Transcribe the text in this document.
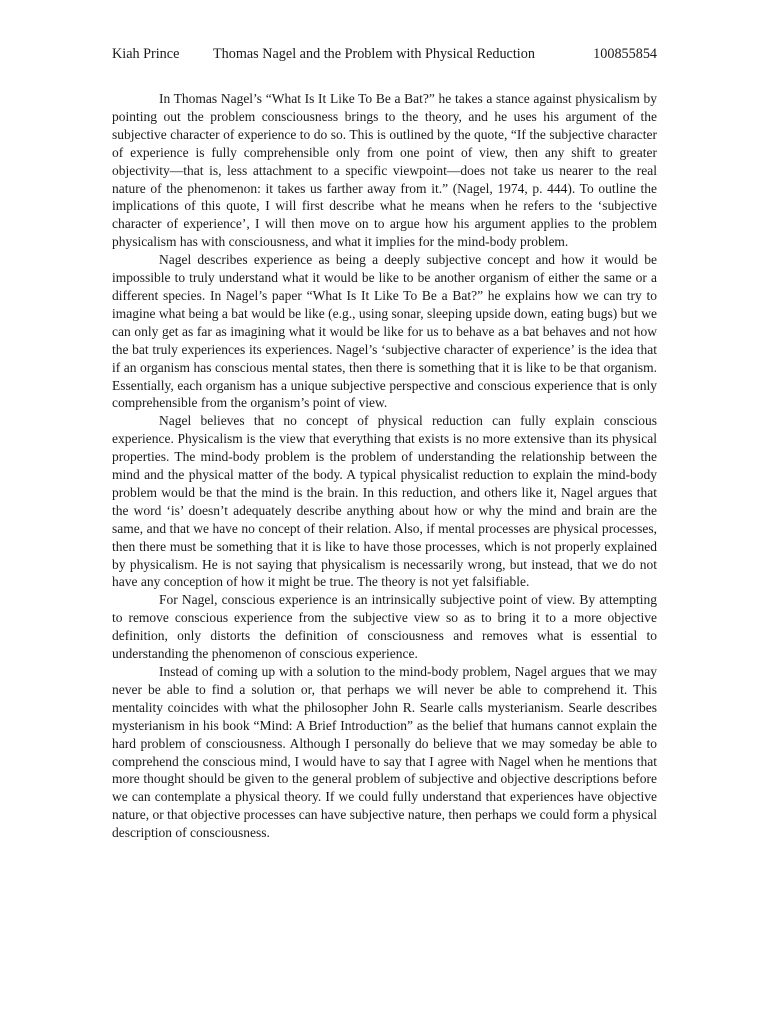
Kiah Prince Thomas Nagel and the Problem with Physical Reduction	100855854

In Thomas Nagel’s “What Is It Like To Be a Bat?” he takes a stance against physicalism by pointing out the problem consciousness brings to the theory, and he uses his argument of the subjective character of experience to do so. This is outlined by the quote, “If the subjective character of experience is fully comprehensible only from one point of view, then any shift to greater objectivity—that is, less attachment to a specific viewpoint—does not take us nearer to the real nature of the phenomenon: it takes us farther away from it.” (Nagel, 1974, p. 444). To outline the implications of this quote, I will first describe what he means when he refers to the ‘subjective character of experience’, I will then move on to argue how his argument applies to the problem physicalism has with consciousness, and what it implies for the mind-body problem.

Nagel describes experience as being a deeply subjective concept and how it would be impossible to truly understand what it would be like to be another organism of either the same or a different species. In Nagel’s paper “What Is It Like To Be a Bat?” he explains how we can try to imagine what being a bat would be like (e.g., using sonar, sleeping upside down, eating bugs) but we can only get as far as imagining what it would be like for us to behave as a bat behaves and not how the bat truly experiences its experiences. Nagel’s ‘subjective character of experience’ is the idea that if an organism has conscious mental states, then there is something that it is like to be that organism. Essentially, each organism has a unique subjective perspective and conscious experience that is only comprehensible from the organism’s point of view.

Nagel believes that no concept of physical reduction can fully explain conscious experience. Physicalism is the view that everything that exists is no more extensive than its physical properties. The mind-body problem is the problem of understanding the relationship between the mind and the physical matter of the body. A typical physicalist reduction to explain the mind-body problem would be that the mind is the brain. In this reduction, and others like it, Nagel argues that the word ‘is’ doesn’t adequately describe anything about how or why the mind and brain are the same, and that we have no concept of their relation. Also, if mental processes are physical processes, then there must be something that it is like to have those processes, which is not properly explained by physicalism. He is not saying that physicalism is necessarily wrong, but instead, that we do not have any conception of how it might be true. The theory is not yet falsifiable.

For Nagel, conscious experience is an intrinsically subjective point of view. By attempting to remove conscious experience from the subjective view so as to bring it to a more objective definition, only distorts the definition of consciousness and removes what is essential to understanding the phenomenon of conscious experience.

Instead of coming up with a solution to the mind-body problem, Nagel argues that we may never be able to find a solution or, that perhaps we will never be able to comprehend it. This mentality coincides with what the philosopher John R. Searle calls mysterianism. Searle describes mysterianism in his book “Mind: A Brief Introduction” as the belief that humans cannot explain the hard problem of consciousness. Although I personally do believe that we may someday be able to comprehend the conscious mind, I would have to say that I agree with Nagel when he mentions that more thought should be given to the general problem of subjective and objective descriptions before we can contemplate a physical theory. If we could fully understand that experiences have objective nature, or that objective processes can have subjective nature, then perhaps we could form a physical description of consciousness.
